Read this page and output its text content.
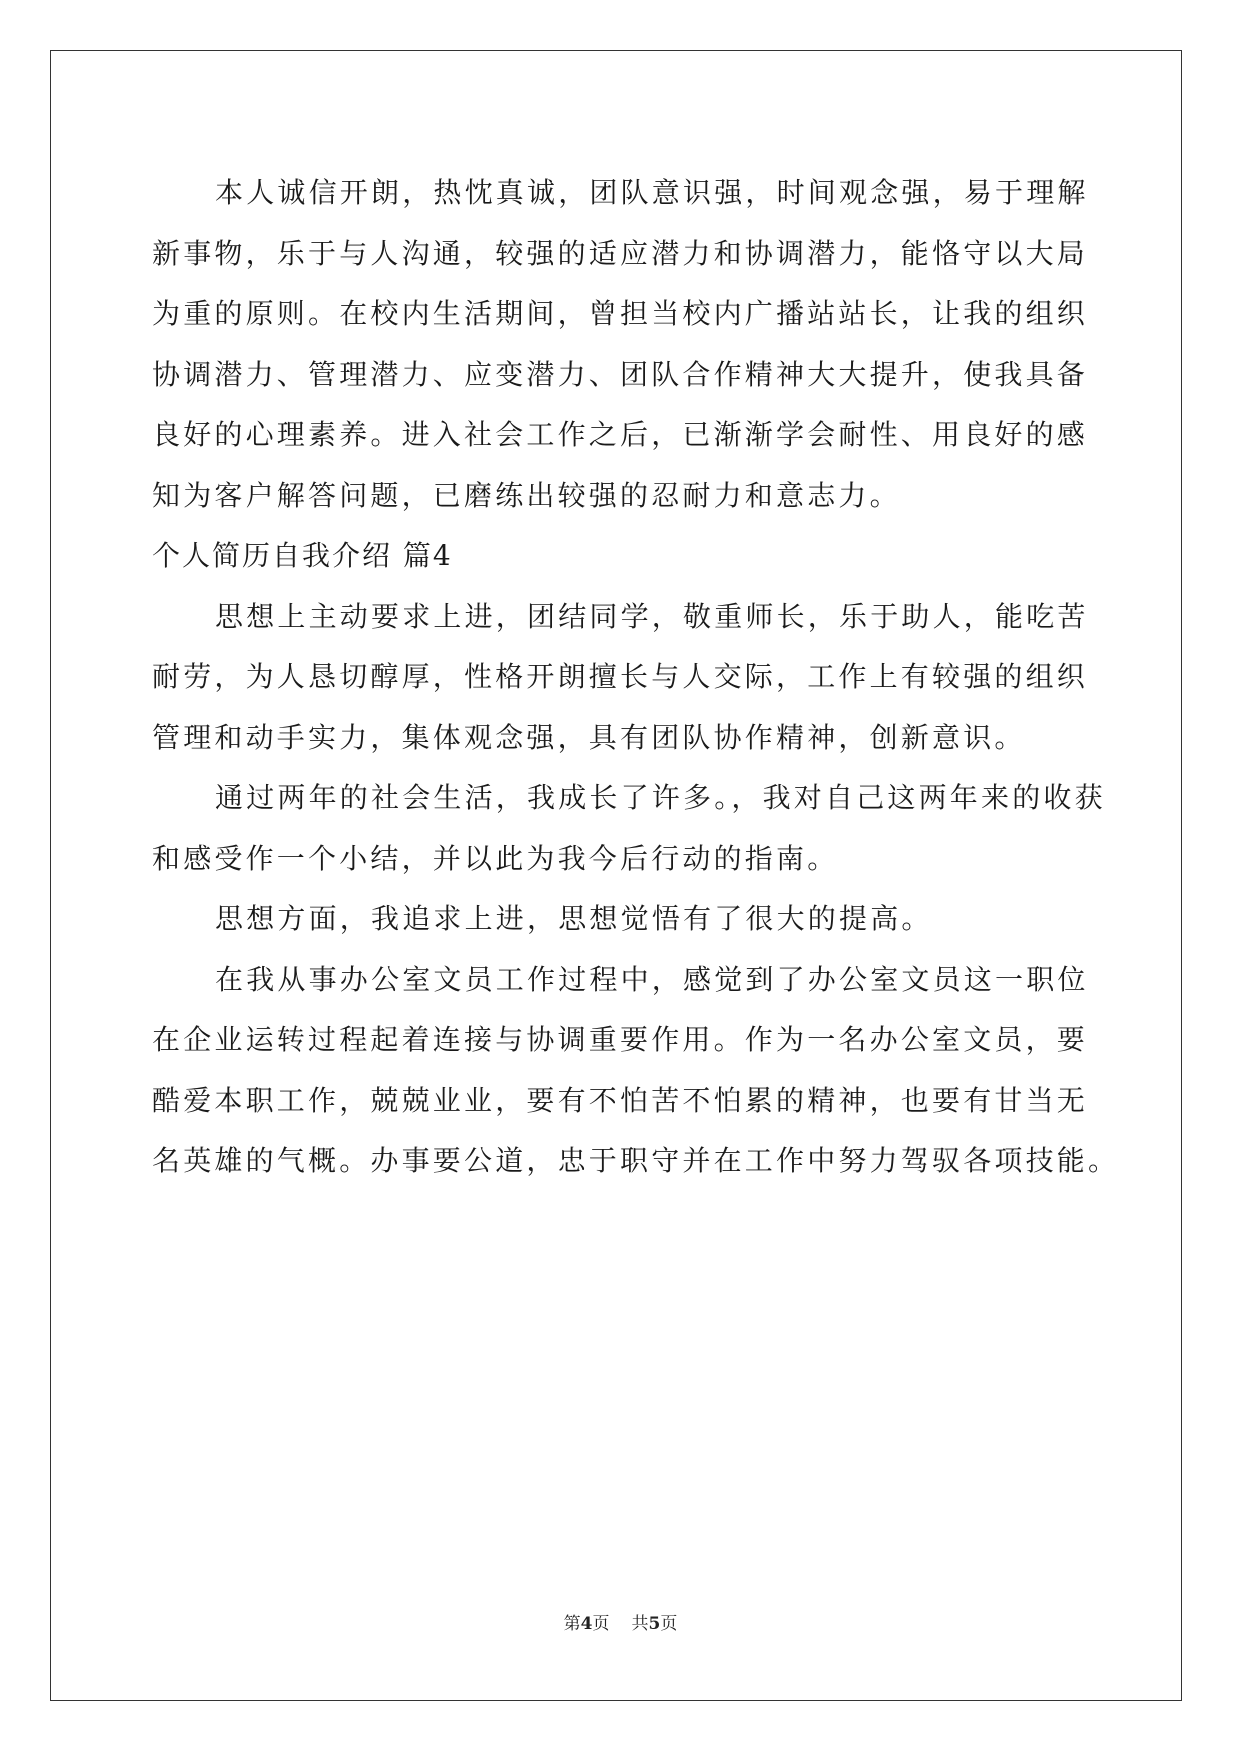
本人诚信开朗，热忱真诚，团队意识强，时间观念强，易于理解
新事物，乐于与人沟通，较强的适应潜力和协调潜力，能恪守以大局
为重的原则。在校内生活期间，曾担当校内广播站站长，让我的组织
协调潜力、管理潜力、应变潜力、团队合作精神大大提升，使我具备
良好的心理素养。进入社会工作之后，已渐渐学会耐性、用良好的感
知为客户解答问题，已磨练出较强的忍耐力和意志力。
个人简历自我介绍 篇4
思想上主动要求上进，团结同学，敬重师长，乐于助人，能吃苦
耐劳，为人恳切醇厚，性格开朗擅长与人交际，工作上有较强的组织
管理和动手实力，集体观念强，具有团队协作精神，创新意识。
通过两年的社会生活，我成长了许多。，我对自己这两年来的收获
和感受作一个小结，并以此为我今后行动的指南。
思想方面，我追求上进，思想觉悟有了很大的提高。
在我从事办公室文员工作过程中，感觉到了办公室文员这一职位
在企业运转过程起着连接与协调重要作用。作为一名办公室文员，要
酷爱本职工作，兢兢业业，要有不怕苦不怕累的精神，也要有甘当无
名英雄的气概。办事要公道，忠于职守并在工作中努力驾驭各项技能。
第4页 共5页
